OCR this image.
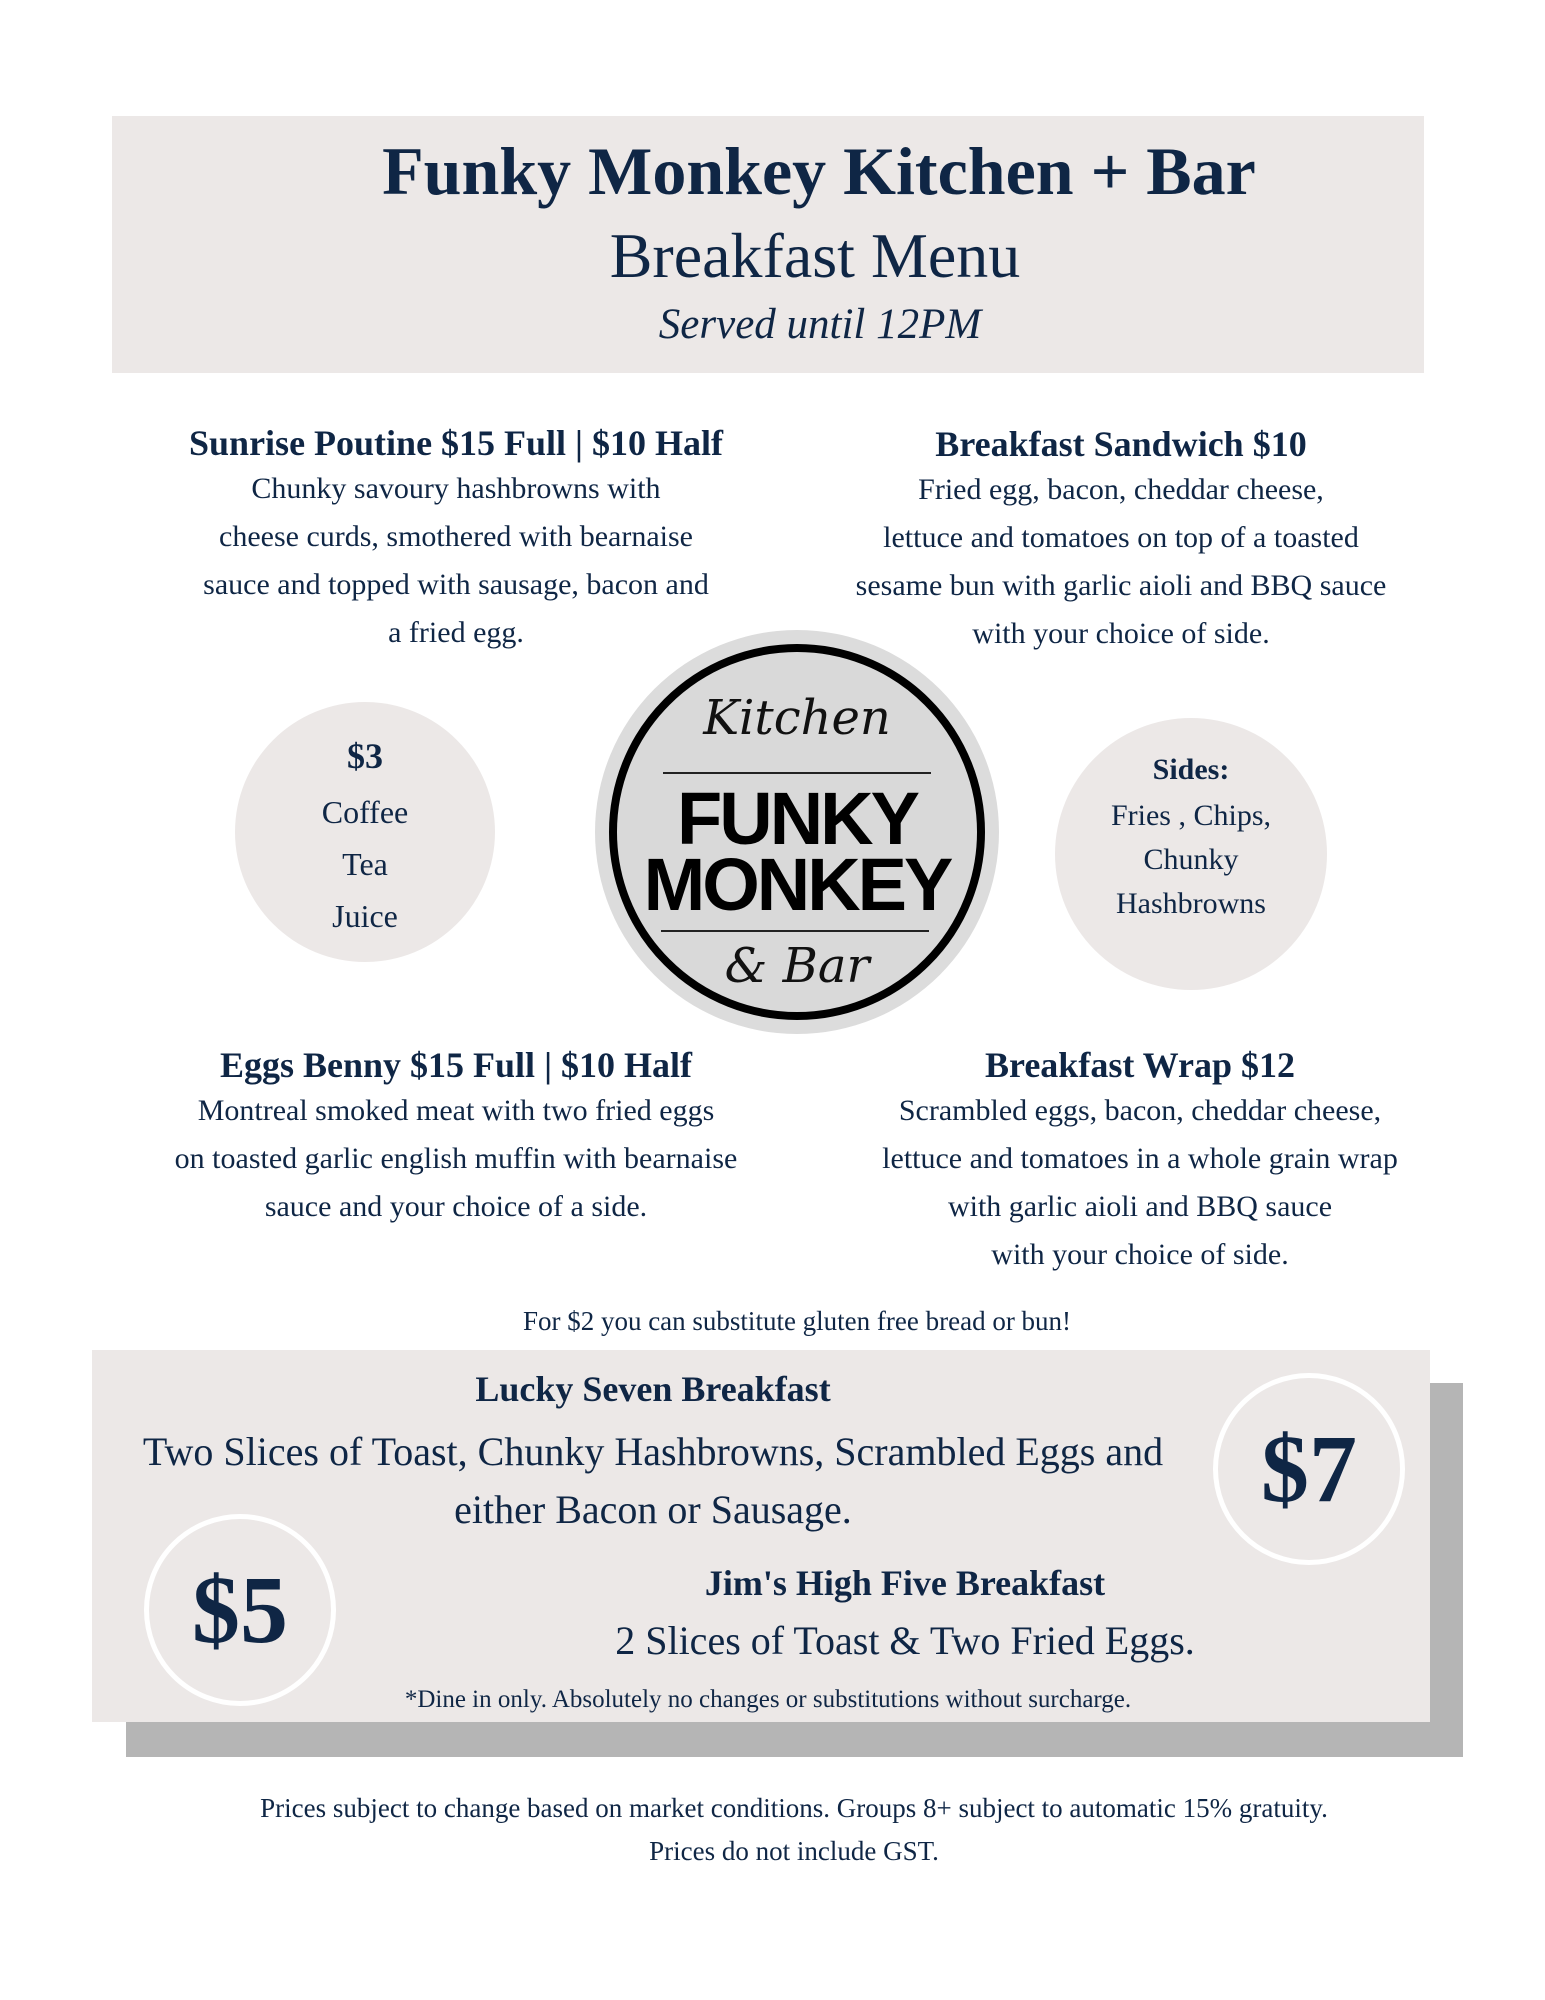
Funky Monkey Kitchen + Bar
Breakfast Menu
Served until 12PM
Sunrise Poutine $15 Full | $10 Half
Chunky savoury hashbrowns with
cheese curds, smothered with bearnaise
sauce and topped with sausage, bacon and
a fried egg.
Breakfast Sandwich $10
Fried egg, bacon, cheddar cheese,
lettuce and tomatoes on top of a toasted
sesame bun with garlic aioli and BBQ sauce
with your choice of side.
$3
Coffee
Tea
Juice
Kitchen
FUNKY
MONKEY
& Bar
Sides:
Fries , Chips,
Chunky
Hashbrowns
Eggs Benny $15 Full | $10 Half
Montreal smoked meat with two fried eggs
on toasted garlic english muffin with bearnaise
sauce and your choice of a side.
Breakfast Wrap $12
Scrambled eggs, bacon, cheddar cheese,
lettuce and tomatoes in a whole grain wrap
with garlic aioli and BBQ sauce
with your choice of side.
For $2 you can substitute gluten free bread or bun!
Lucky Seven Breakfast
Two Slices of Toast, Chunky Hashbrowns, Scrambled Eggs and
either Bacon or Sausage.	$7
$5	Jim's High Five Breakfast
2 Slices of Toast & Two Fried Eggs.
*Dine in only. Absolutely no changes or substitutions without surcharge.
Prices subject to change based on market conditions. Groups 8+ subject to automatic 15% gratuity.
Prices do not include GST.
